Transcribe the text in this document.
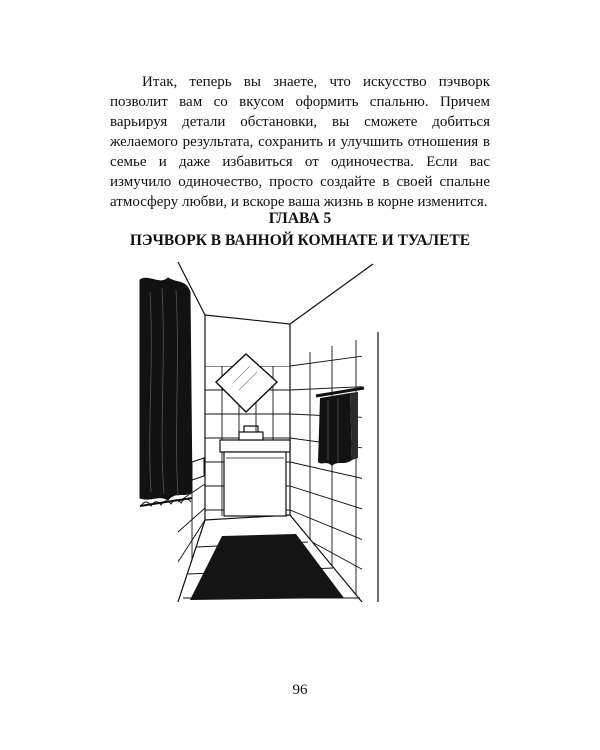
Итак, теперь вы знаете, что искусство пэчворк позволит вам со вкусом оформить спальню. Причем варьируя детали обстановки, вы сможете добиться желаемого результата, сохранить и улучшить отношения в семье и даже избавиться от одиночества. Если вас измучило одиночество, просто создайте в своей спальне атмосферу любви, и вскоре ваша жизнь в корне изменится.

ГЛАВА 5
ПЭЧВОРК В ВАННОЙ КОМНАТЕ И ТУАЛЕТЕ
96
